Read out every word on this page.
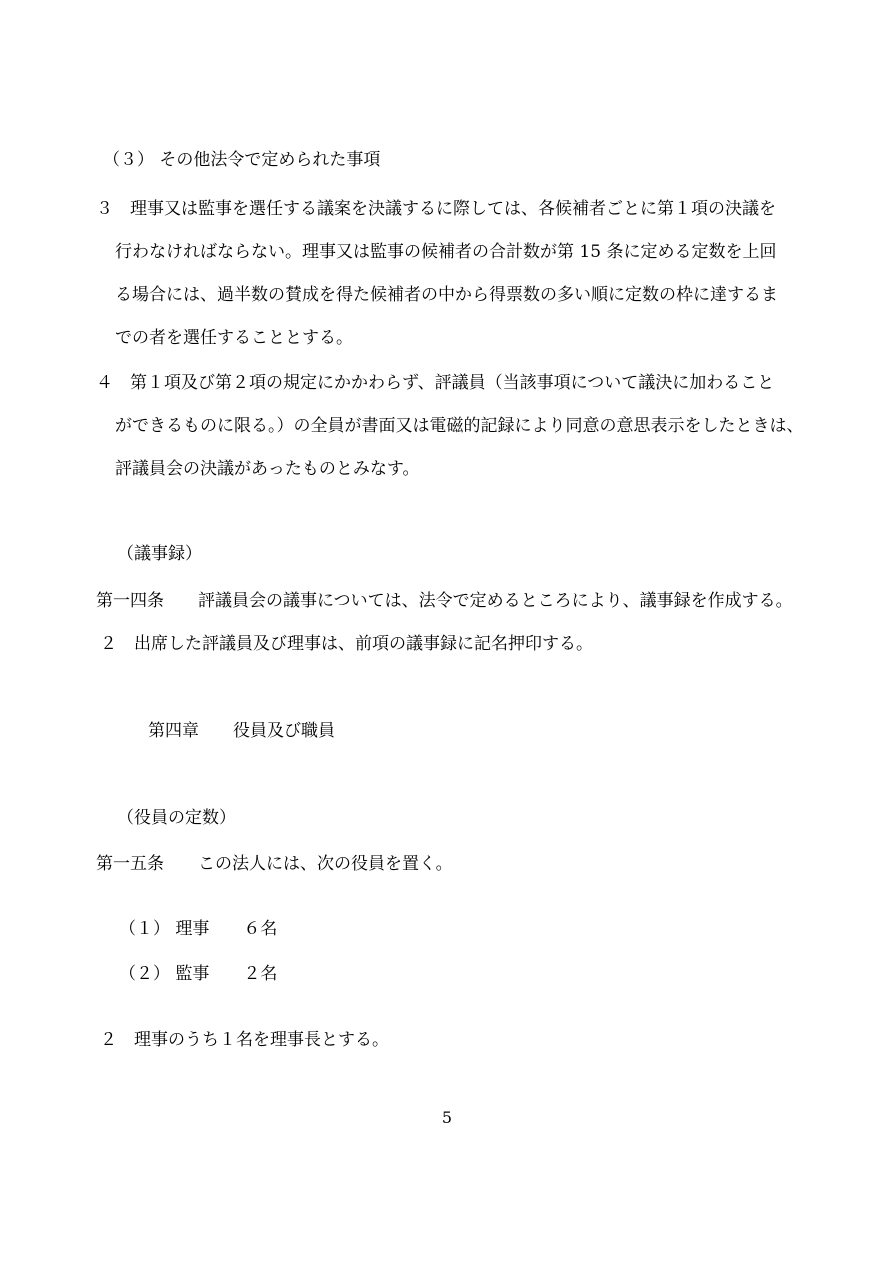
（３） その他法令で定められた事項

３　理事又は監事を選任する議案を決議するに際しては、各候補者ごとに第１項の決議を

行わなければならない。理事又は監事の候補者の合計数が第 15 条に定める定数を上回

る場合には、過半数の賛成を得た候補者の中から得票数の多い順に定数の枠に達するま

での者を選任することとする。

４　第１項及び第２項の規定にかかわらず、評議員（当該事項について議決に加わること

ができるものに限る。）の全員が書面又は電磁的記録により同意の意思表示をしたときは、

評議員会の決議があったものとみなす。

（議事録）

第一四条　　評議員会の議事については、法令で定めるところにより、議事録を作成する。

２　出席した評議員及び理事は、前項の議事録に記名押印する。

第四章　　役員及び職員

（役員の定数）

第一五条　　この法人には、次の役員を置く。

（１） 理事　　６名

（２） 監事　　２名

２　理事のうち１名を理事長とする。

5
